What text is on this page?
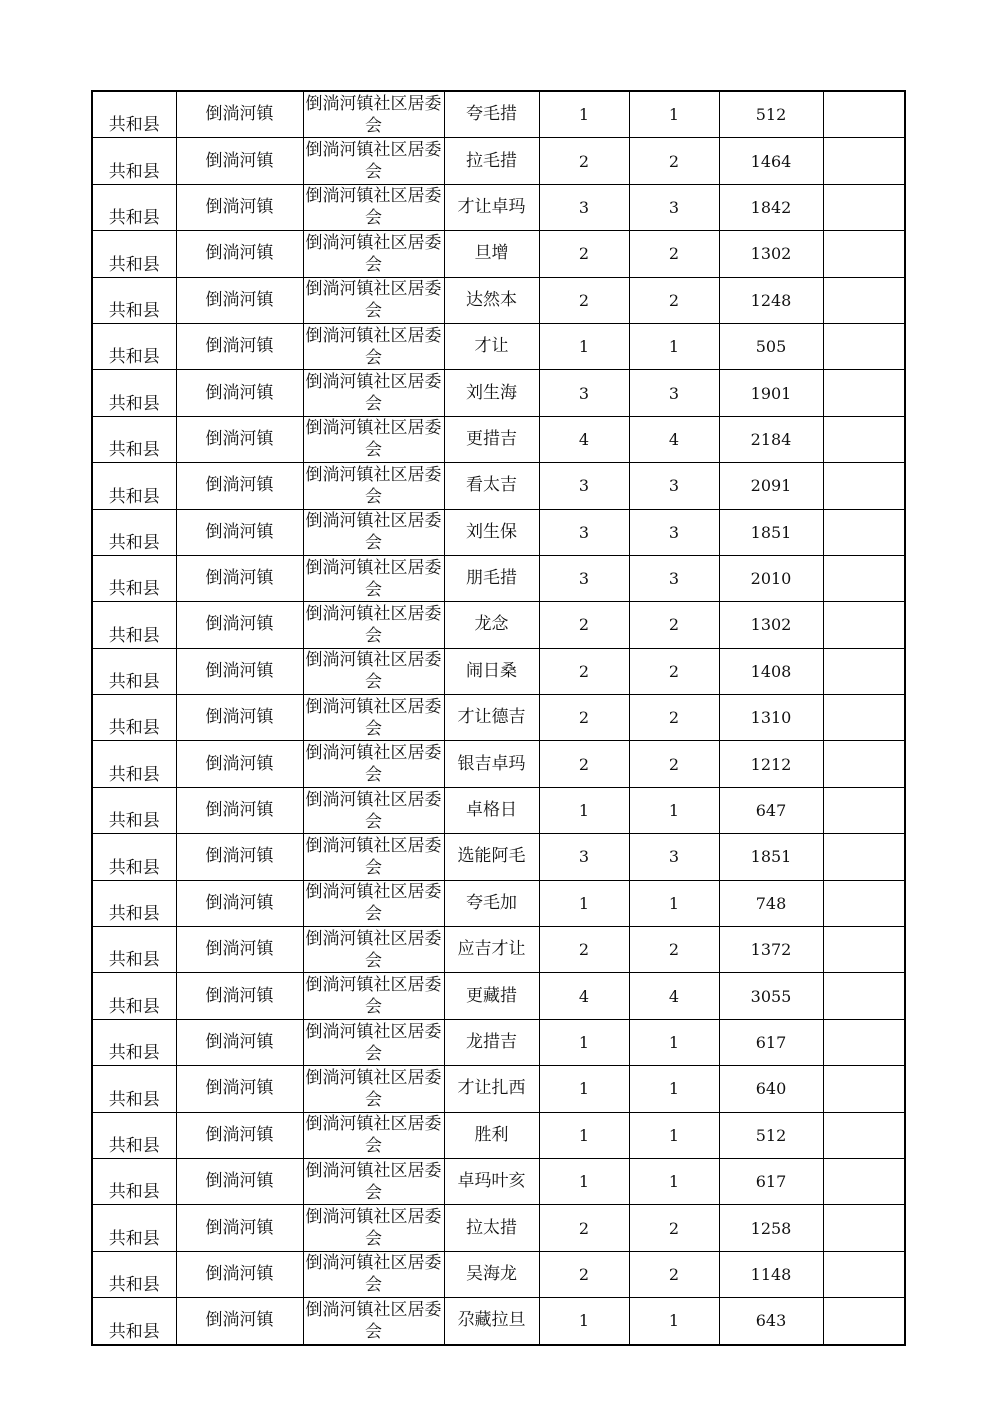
共和县	倒淌河镇	倒淌河镇社区居委会	夸毛措	1	1	512	
共和县	倒淌河镇	倒淌河镇社区居委会	拉毛措	2	2	1464	
共和县	倒淌河镇	倒淌河镇社区居委会	才让卓玛	3	3	1842	
共和县	倒淌河镇	倒淌河镇社区居委会	旦增	2	2	1302	
共和县	倒淌河镇	倒淌河镇社区居委会	达然本	2	2	1248	
共和县	倒淌河镇	倒淌河镇社区居委会	才让	1	1	505	
共和县	倒淌河镇	倒淌河镇社区居委会	刘生海	3	3	1901	
共和县	倒淌河镇	倒淌河镇社区居委会	更措吉	4	4	2184	
共和县	倒淌河镇	倒淌河镇社区居委会	看太吉	3	3	2091	
共和县	倒淌河镇	倒淌河镇社区居委会	刘生保	3	3	1851	
共和县	倒淌河镇	倒淌河镇社区居委会	朋毛措	3	3	2010	
共和县	倒淌河镇	倒淌河镇社区居委会	龙念	2	2	1302	
共和县	倒淌河镇	倒淌河镇社区居委会	闹日桑	2	2	1408	
共和县	倒淌河镇	倒淌河镇社区居委会	才让德吉	2	2	1310	
共和县	倒淌河镇	倒淌河镇社区居委会	银吉卓玛	2	2	1212	
共和县	倒淌河镇	倒淌河镇社区居委会	卓格日	1	1	647	
共和县	倒淌河镇	倒淌河镇社区居委会	选能阿毛	3	3	1851	
共和县	倒淌河镇	倒淌河镇社区居委会	夸毛加	1	1	748	
共和县	倒淌河镇	倒淌河镇社区居委会	应吉才让	2	2	1372	
共和县	倒淌河镇	倒淌河镇社区居委会	更藏措	4	4	3055	
共和县	倒淌河镇	倒淌河镇社区居委会	龙措吉	1	1	617	
共和县	倒淌河镇	倒淌河镇社区居委会	才让扎西	1	1	640	
共和县	倒淌河镇	倒淌河镇社区居委会	胜利	1	1	512	
共和县	倒淌河镇	倒淌河镇社区居委会	卓玛叶亥	1	1	617	
共和县	倒淌河镇	倒淌河镇社区居委会	拉太措	2	2	1258	
共和县	倒淌河镇	倒淌河镇社区居委会	吴海龙	2	2	1148	
共和县	倒淌河镇	倒淌河镇社区居委会	尕藏拉旦	1	1	643	
